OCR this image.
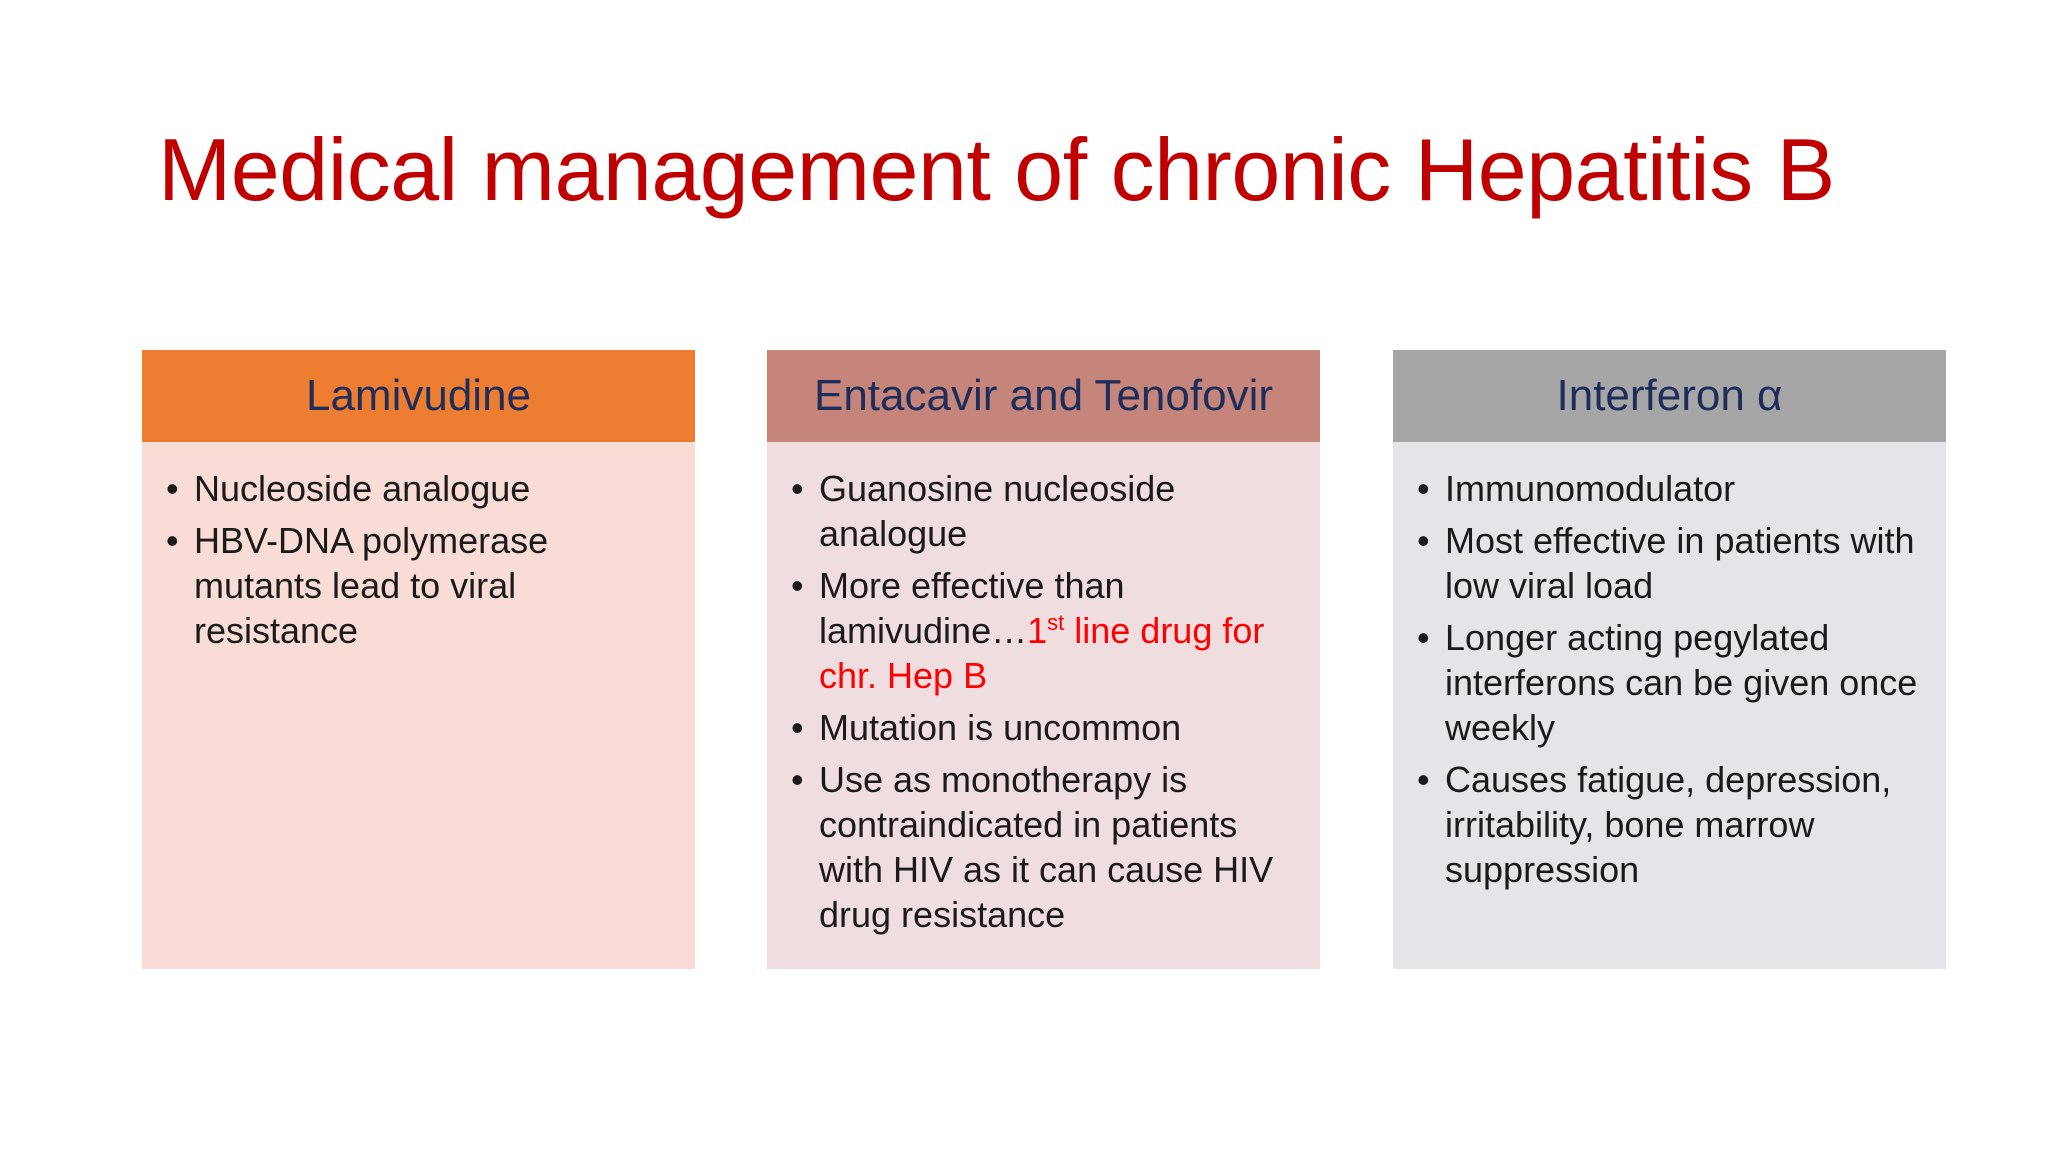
Medical management of chronic Hepatitis B
Lamivudine
• Nucleoside analogue
• HBV-DNA polymerase mutants lead to viral resistance
Entacavir and Tenofovir
• Guanosine nucleoside analogue
• More effective than lamivudine…1st line drug for chr. Hep B
• Mutation is uncommon
• Use as monotherapy is contraindicated in patients with HIV as it can cause HIV drug resistance
Interferon α
• Immunomodulator
• Most effective in patients with low viral load
• Longer acting pegylated interferons can be given once weekly
• Causes fatigue, depression, irritability, bone marrow suppression
